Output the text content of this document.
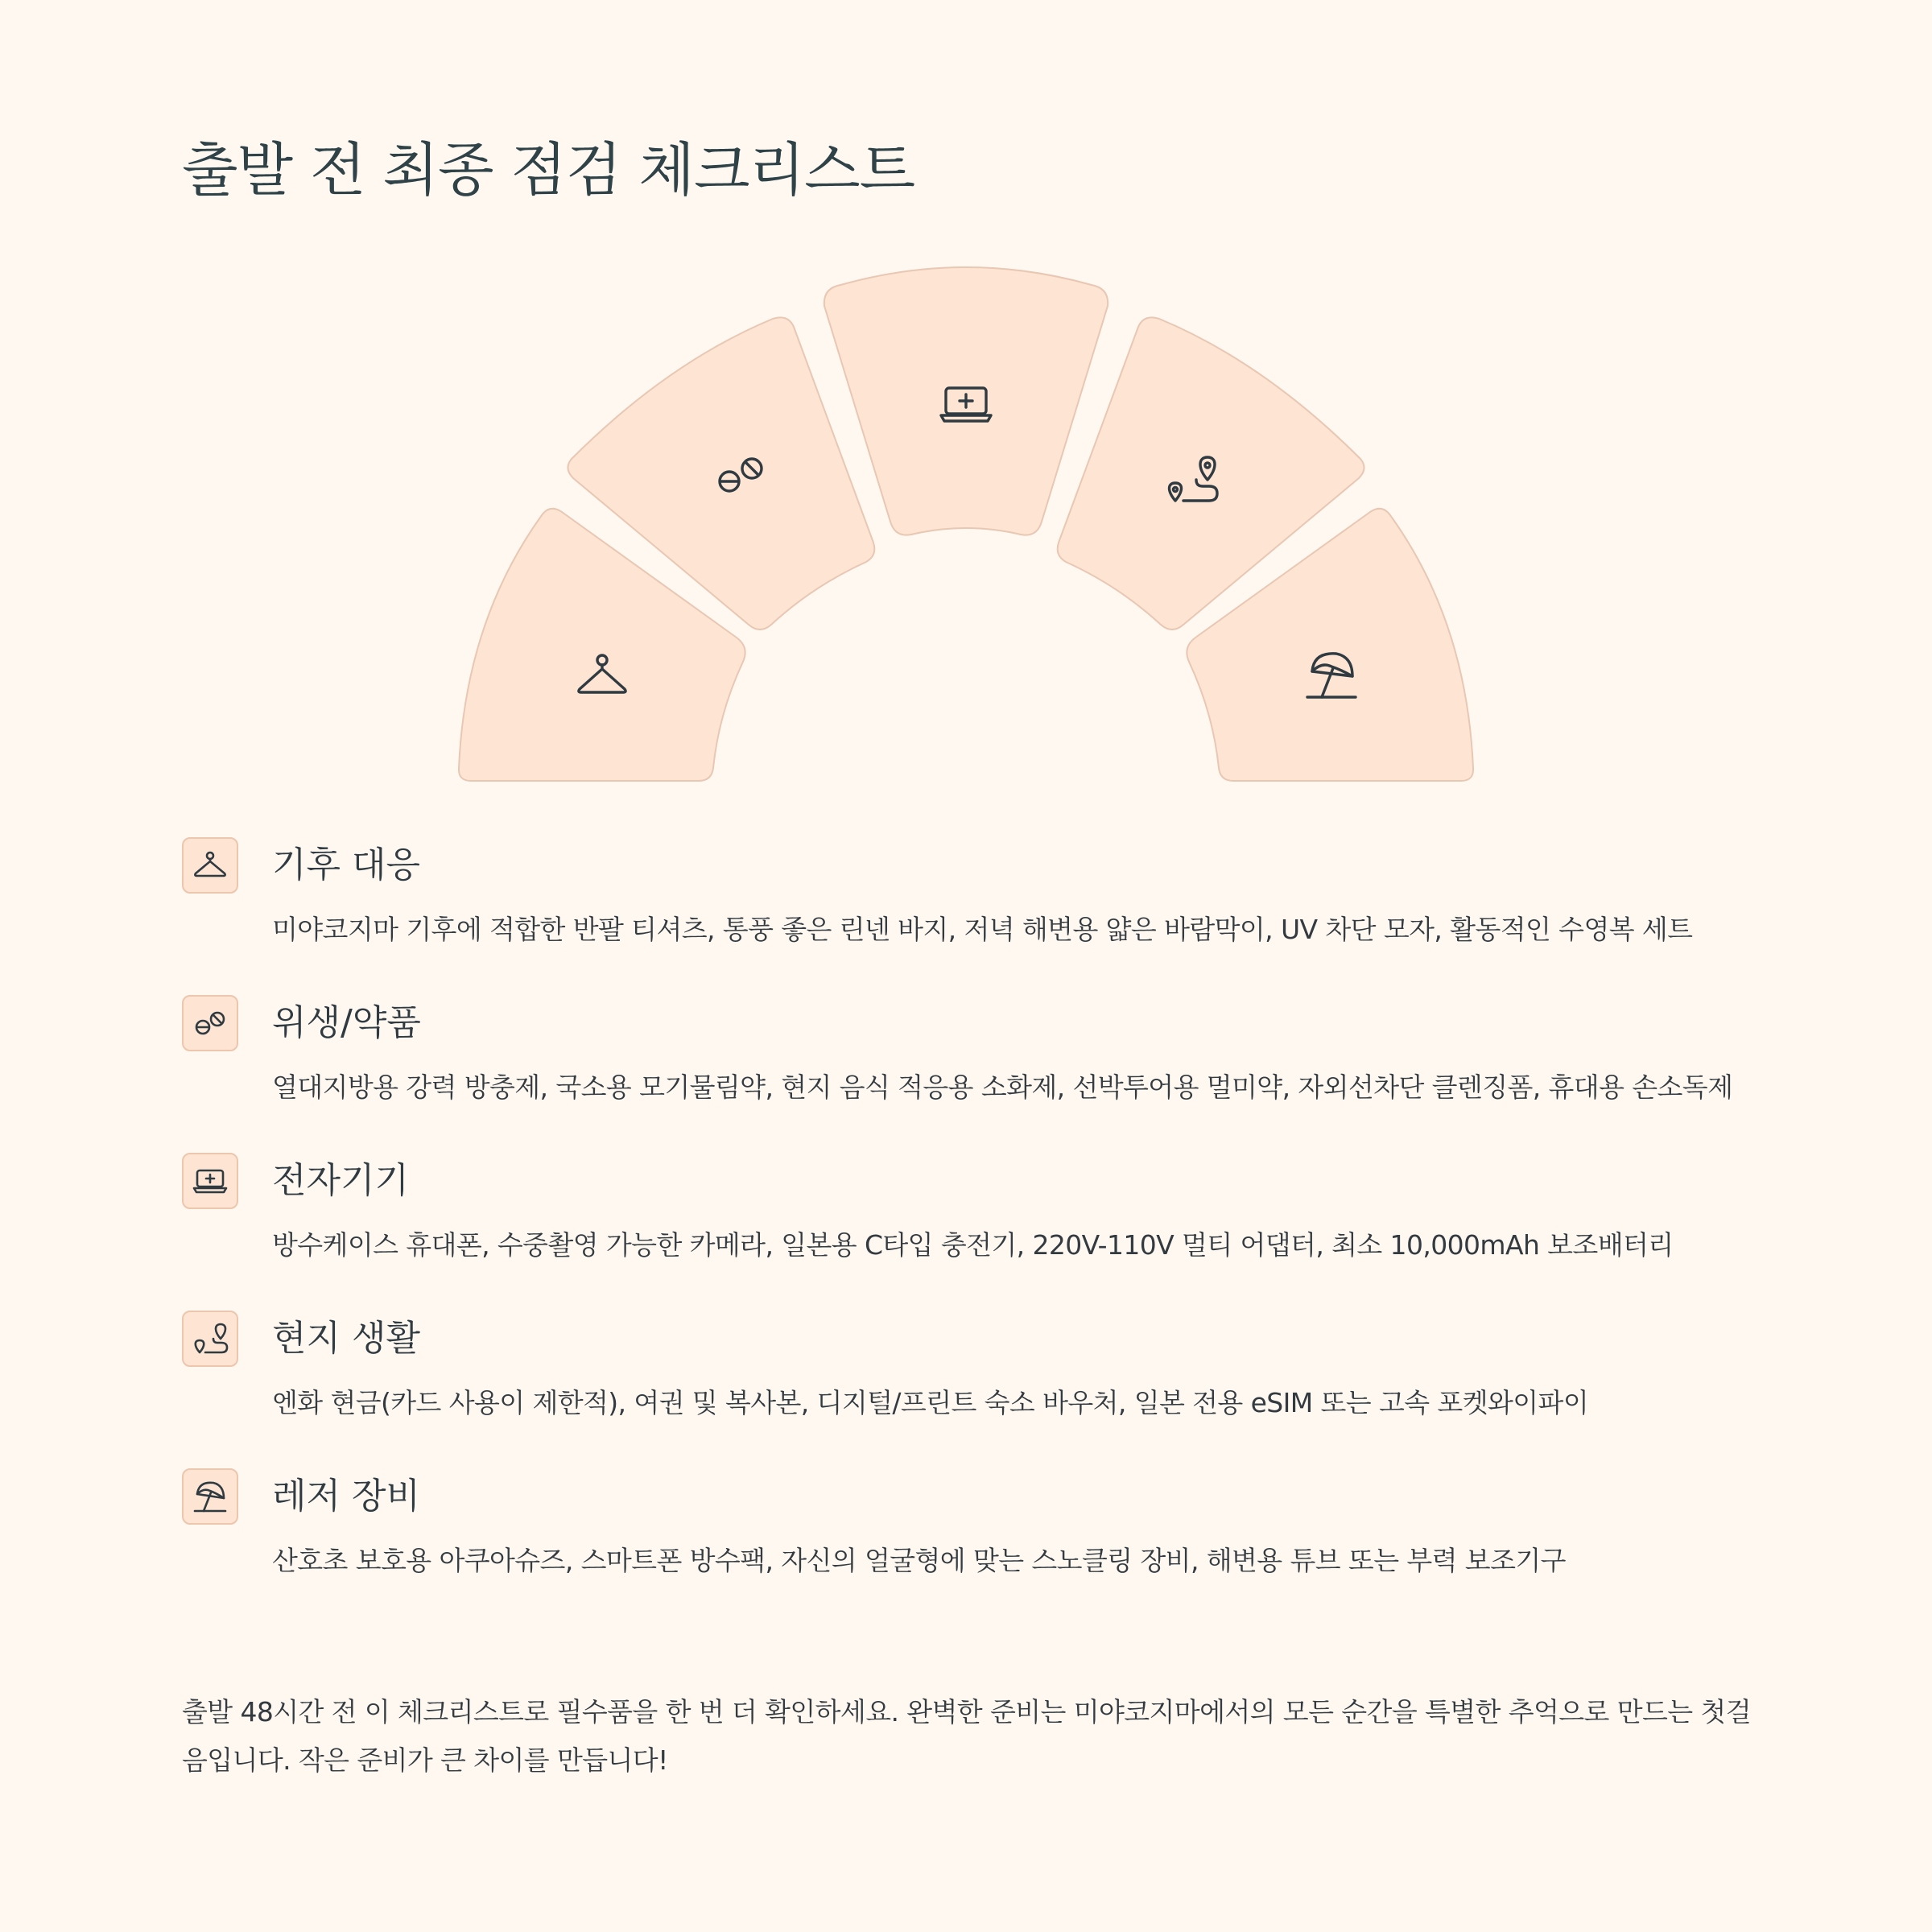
출발 전 최종 점검 체크리스트
기후 대응

미야코지마 기후에 적합한 반팔 티셔츠, 통풍 좋은 린넨 바지, 저녁 해변용 얇은 바람막이, UV 차단 모자, 활동적인 수영복 세트

위생/약품

열대지방용 강력 방충제, 국소용 모기물림약, 현지 음식 적응용 소화제, 선박투어용 멀미약, 자외선차단 클렌징폼, 휴대용 손소독제

전자기기

방수케이스 휴대폰, 수중촬영 가능한 카메라, 일본용 C타입 충전기, 220V-110V 멀티 어댑터, 최소 10,000mAh 보조배터리

현지 생활

엔화 현금(카드 사용이 제한적), 여권 및 복사본, 디지털/프린트 숙소 바우처, 일본 전용 eSIM 또는 고속 포켓와이파이

레저 장비

산호초 보호용 아쿠아슈즈, 스마트폰 방수팩, 자신의 얼굴형에 맞는 스노클링 장비, 해변용 튜브 또는 부력 보조기구

출발 48시간 전 이 체크리스트로 필수품을 한 번 더 확인하세요. 완벽한 준비는 미야코지마에서의 모든 순간을 특별한 추억으로 만드는 첫걸음입니다. 작은 준비가 큰 차이를 만듭니다!
